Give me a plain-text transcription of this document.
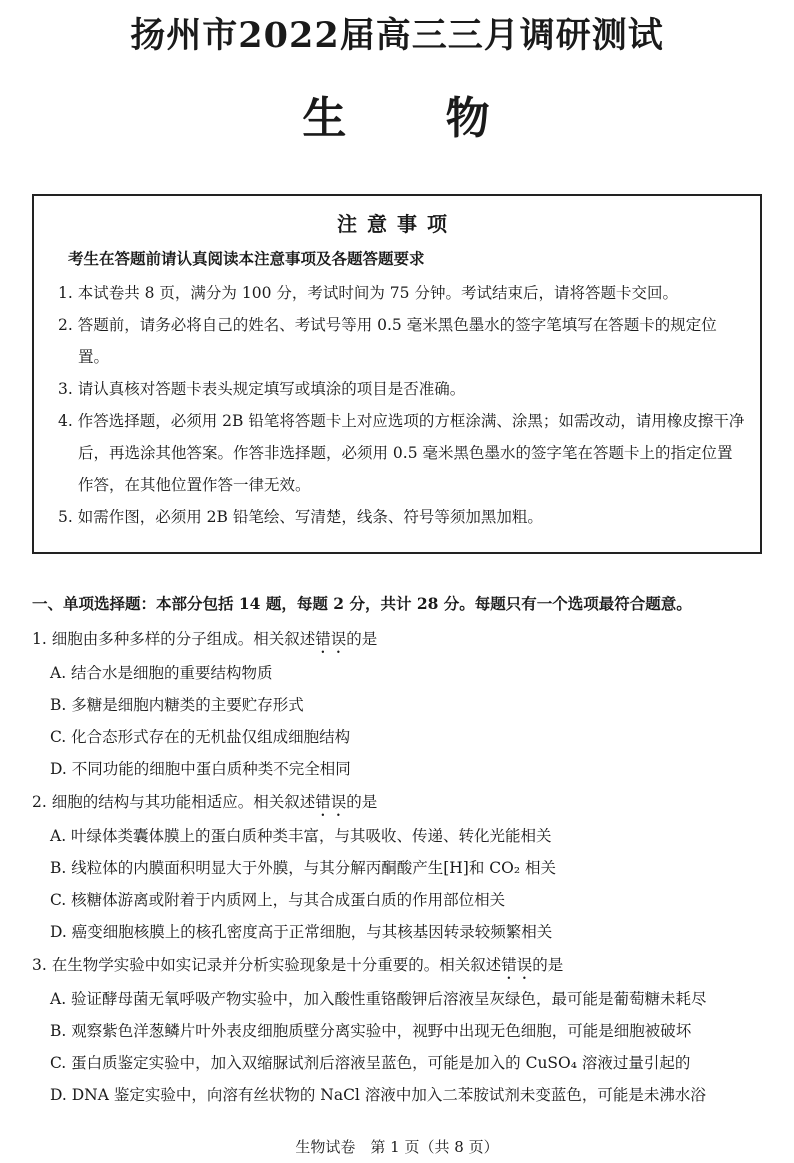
扬州市2022届高三三月调研测试
生 物
注意事项
考生在答题前请认真阅读本注意事项及各题答题要求
1. 本试卷共 8 页，满分为 100 分，考试时间为 75 分钟。考试结束后，请将答题卡交回。
2. 答题前，请务必将自己的姓名、考试号等用 0.5 毫米黑色墨水的签字笔填写在答题卡的规定位置。
3. 请认真核对答题卡表头规定填写或填涂的项目是否准确。
4. 作答选择题，必须用 2B 铅笔将答题卡上对应选项的方框涂满、涂黑；如需改动，请用橡皮擦干净后，再选涂其他答案。作答非选择题，必须用 0.5 毫米黑色墨水的签字笔在答题卡上的指定位置作答，在其他位置作答一律无效。
5. 如需作图，必须用 2B 铅笔绘、写清楚，线条、符号等须加黑加粗。
一、单项选择题：本部分包括 14 题，每题 2 分，共计 28 分。每题只有一个选项最符合题意。
1. 细胞由多种多样的分子组成。相关叙述错误的是
A. 结合水是细胞的重要结构物质
B. 多糖是细胞内糖类的主要贮存形式
C. 化合态形式存在的无机盐仅组成细胞结构
D. 不同功能的细胞中蛋白质种类不完全相同
2. 细胞的结构与其功能相适应。相关叙述错误的是
A. 叶绿体类囊体膜上的蛋白质种类丰富，与其吸收、传递、转化光能相关
B. 线粒体的内膜面积明显大于外膜，与其分解丙酮酸产生[H]和 CO₂ 相关
C. 核糖体游离或附着于内质网上，与其合成蛋白质的作用部位相关
D. 癌变细胞核膜上的核孔密度高于正常细胞，与其核基因转录较频繁相关
3. 在生物学实验中如实记录并分析实验现象是十分重要的。相关叙述错误的是
A. 验证酵母菌无氧呼吸产物实验中，加入酸性重铬酸钾后溶液呈灰绿色，最可能是葡萄糖未耗尽
B. 观察紫色洋葱鳞片叶外表皮细胞质壁分离实验中，视野中出现无色细胞，可能是细胞被破坏
C. 蛋白质鉴定实验中，加入双缩脲试剂后溶液呈蓝色，可能是加入的 CuSO₄ 溶液过量引起的
D. DNA 鉴定实验中，向溶有丝状物的 NaCl 溶液中加入二苯胺试剂未变蓝色，可能是未沸水浴
生物试卷　第 1 页（共 8 页）
